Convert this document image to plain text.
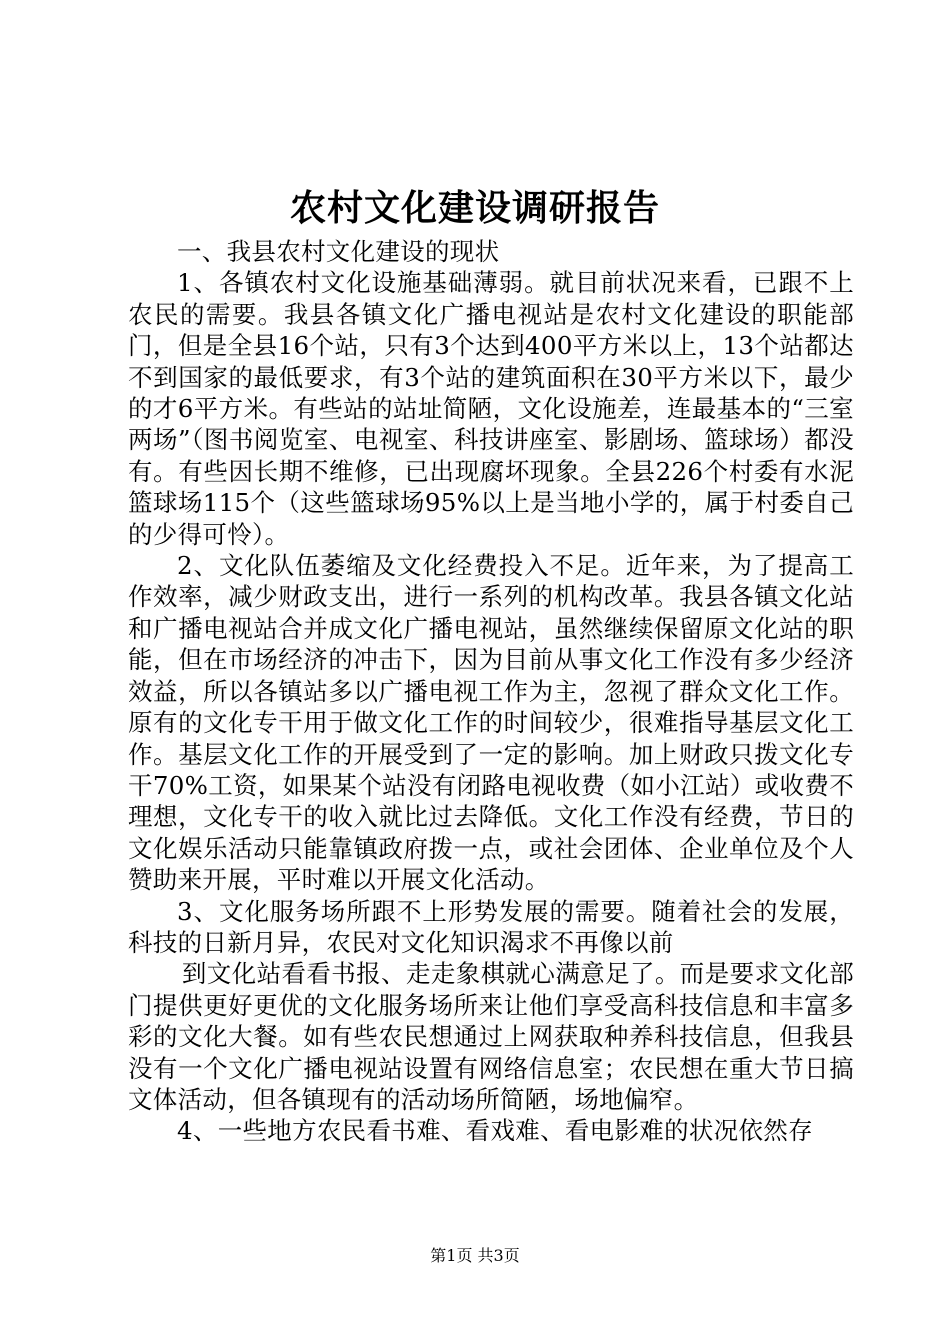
农村文化建设调研报告

一、我县农村文化建设的现状

1、各镇农村文化设施基础薄弱。就目前状况来看，已跟不上农民的需要。我县各镇文化广播电视站是农村文化建设的职能部门，但是全县16个站，只有3个达到400平方米以上，13个站都达不到国家的最低要求，有3个站的建筑面积在30平方米以下，最少的才6平方米。有些站的站址简陋，文化设施差，连最基本的“三室两场”（图书阅览室、电视室、科技讲座室、影剧场、篮球场）都没有。有些因长期不维修，已出现腐坏现象。全县226个村委有水泥篮球场115个（这些篮球场95%以上是当地小学的，属于村委自己的少得可怜）。

2、文化队伍萎缩及文化经费投入不足。近年来，为了提高工作效率，减少财政支出，进行一系列的机构改革。我县各镇文化站和广播电视站合并成文化广播电视站，虽然继续保留原文化站的职能，但在市场经济的冲击下，因为目前从事文化工作没有多少经济效益，所以各镇站多以广播电视工作为主，忽视了群众文化工作。原有的文化专干用于做文化工作的时间较少，很难指导基层文化工作。基层文化工作的开展受到了一定的影响。加上财政只拨文化专干70%工资，如果某个站没有闭路电视收费（如小江站）或收费不理想，文化专干的收入就比过去降低。文化工作没有经费，节日的文化娱乐活动只能靠镇政府拨一点，或社会团体、企业单位及个人赞助来开展，平时难以开展文化活动。

3、文化服务场所跟不上形势发展的需要。随着社会的发展，科技的日新月异，农民对文化知识渴求不再像以前

到文化站看看书报、走走象棋就心满意足了。而是要求文化部门提供更好更优的文化服务场所来让他们享受高科技信息和丰富多彩的文化大餐。如有些农民想通过上网获取种养科技信息，但我县没有一个文化广播电视站设置有网络信息室；农民想在重大节日搞文体活动，但各镇现有的活动场所简陋，场地偏窄。

4、一些地方农民看书难、看戏难、看电影难的状况依然存

第1页 共3页
